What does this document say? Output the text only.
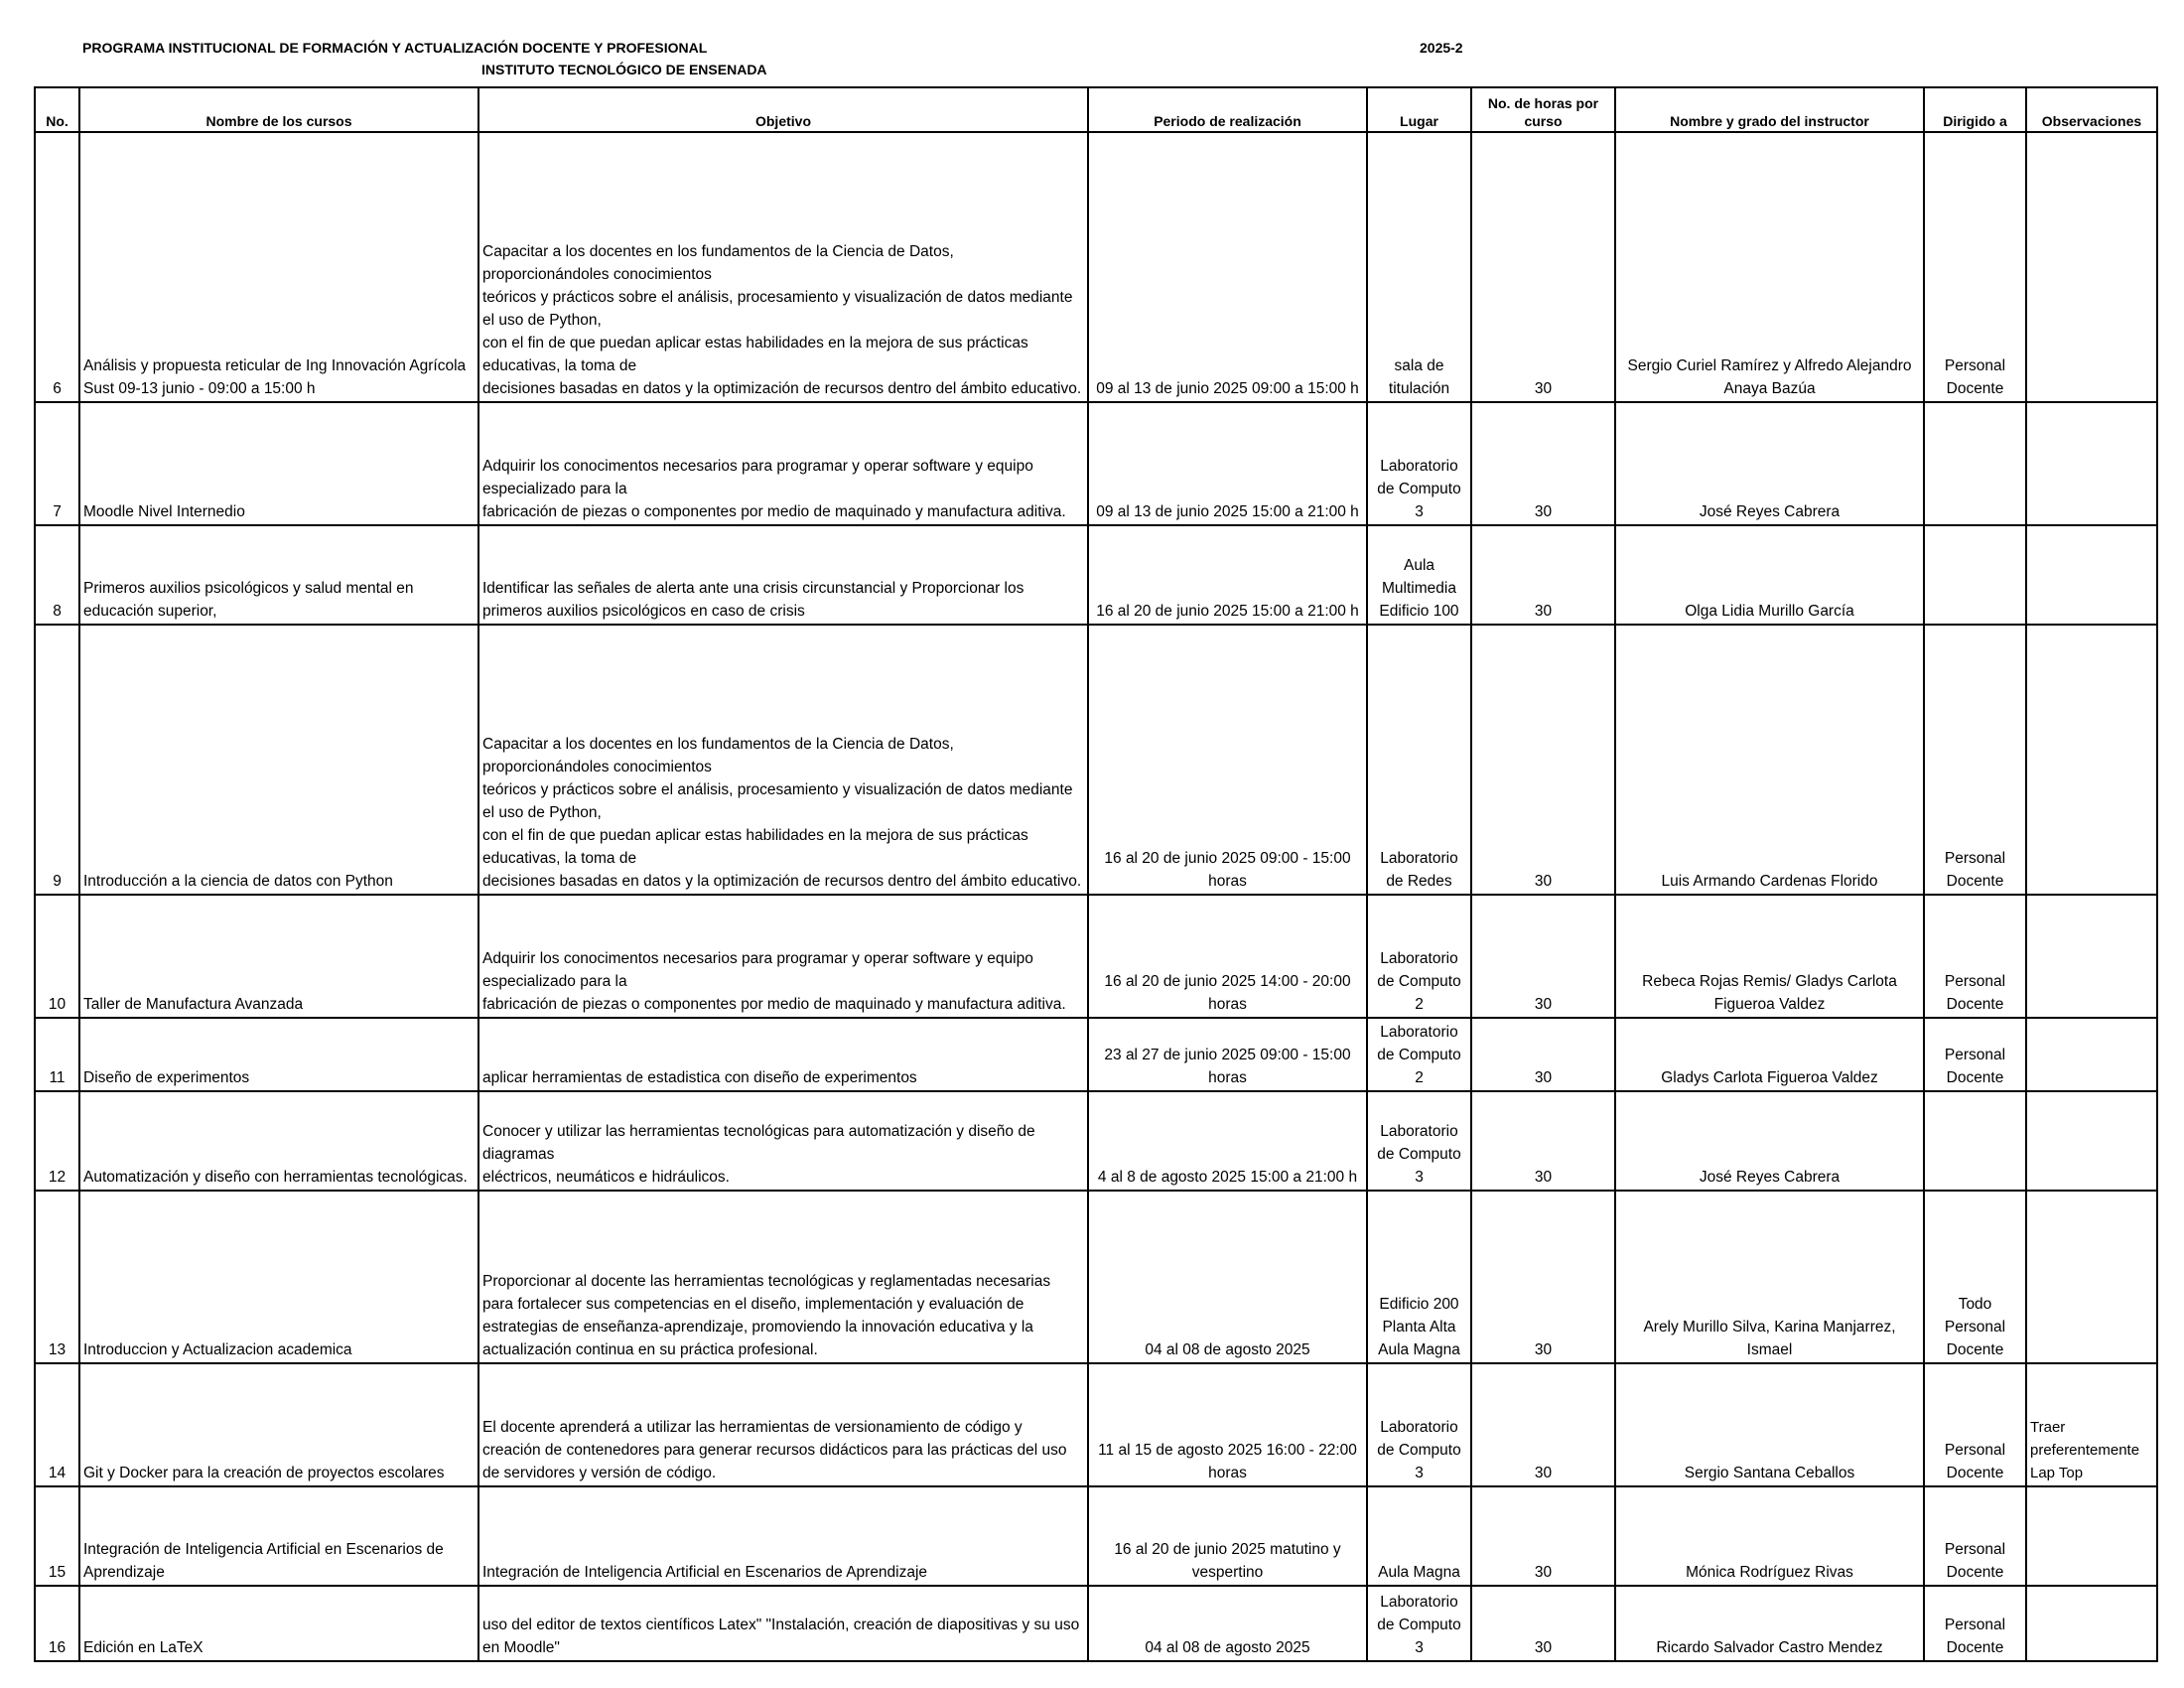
PROGRAMA INSTITUCIONAL DE FORMACIÓN Y ACTUALIZACIÓN DOCENTE Y PROFESIONAL
INSTITUTO TECNOLÓGICO DE ENSENADA
2025-2
No.	Nombre de los cursos	Objetivo	Periodo de realización	Lugar	No. de horas por curso	Nombre y grado del instructor	Dirigido a	Observaciones
6	Análisis y propuesta reticular de Ing Innovación Agrícola Sust 09-13 junio - 09:00 a 15:00 h	Capacitar a los docentes en los fundamentos de la Ciencia de Datos, proporcionándoles conocimientos
teóricos y prácticos sobre el análisis, procesamiento y visualización de datos mediante el uso de Python,
con el fin de que puedan aplicar estas habilidades en la mejora de sus prácticas educativas, la toma de
decisiones basadas en datos y la optimización de recursos dentro del ámbito educativo.	09 al 13 de junio 2025 09:00 a 15:00 h	sala de titulación	30	Sergio Curiel Ramírez y Alfredo Alejandro Anaya Bazúa	Personal Docente	
7	Moodle Nivel Internedio	Adquirir los conocimentos necesarios para programar y operar software y equipo especializado para la
fabricación de piezas o componentes por medio de maquinado y manufactura aditiva.	09 al 13 de junio 2025 15:00 a 21:00 h	Laboratorio de Computo 3	30	José Reyes Cabrera		
8	Primeros auxilios psicológicos y salud mental en educación superior,	Identificar las señales de alerta ante una crisis circunstancial y Proporcionar los primeros auxilios psicológicos en caso de crisis	16 al 20 de junio 2025 15:00 a 21:00 h	Aula Multimedia Edificio 100	30	Olga Lidia Murillo García		
9	Introducción a la ciencia de datos con Python	Capacitar a los docentes en los fundamentos de la Ciencia de Datos, proporcionándoles conocimientos
teóricos y prácticos sobre el análisis, procesamiento y visualización de datos mediante el uso de Python,
con el fin de que puedan aplicar estas habilidades en la mejora de sus prácticas educativas, la toma de
decisiones basadas en datos y la optimización de recursos dentro del ámbito educativo.	16 al 20 de junio 2025 09:00 - 15:00 horas	Laboratorio de Redes	30	Luis Armando Cardenas Florido	Personal Docente	
10	Taller de Manufactura Avanzada	Adquirir los conocimentos necesarios para programar y operar software y equipo especializado para la
fabricación de piezas o componentes por medio de maquinado y manufactura aditiva.	16 al 20 de junio 2025 14:00 - 20:00 horas	Laboratorio de Computo 2	30	Rebeca Rojas Remis/ Gladys Carlota Figueroa Valdez	Personal Docente	
11	Diseño de experimentos	aplicar herramientas de estadistica con diseño de experimentos	23 al 27 de junio 2025 09:00 - 15:00 horas	Laboratorio de Computo 2	30	Gladys Carlota Figueroa Valdez	Personal Docente	
12	Automatización y diseño con herramientas tecnológicas.	Conocer y utilizar las herramientas tecnológicas para automatización y diseño de diagramas
eléctricos, neumáticos e hidráulicos.	4 al 8 de agosto 2025 15:00 a 21:00 h	Laboratorio de Computo 3	30	José Reyes Cabrera		
13	Introduccion y Actualizacion academica	Proporcionar al docente las herramientas tecnológicas y reglamentadas necesarias para fortalecer sus competencias en el diseño, implementación y evaluación de estrategias de enseñanza-aprendizaje, promoviendo la innovación educativa y la actualización continua en su práctica profesional.	04 al 08 de agosto 2025	Edificio 200 Planta Alta Aula Magna	30	Arely Murillo Silva, Karina Manjarrez, Ismael	Todo Personal Docente	
14	Git y Docker para la creación de proyectos escolares	El docente aprenderá a utilizar las herramientas de versionamiento de código y creación de contenedores para generar recursos didácticos para las prácticas del uso de servidores y versión de código.	11 al 15 de agosto 2025 16:00 - 22:00 horas	Laboratorio de Computo 3	30	Sergio Santana Ceballos	Personal Docente	Traer preferentemente Lap Top
15	Integración de Inteligencia Artificial en Escenarios de Aprendizaje	Integración de Inteligencia Artificial en Escenarios de Aprendizaje	16 al 20 de junio 2025 matutino y vespertino	Aula Magna	30	Mónica Rodríguez Rivas	Personal Docente	
16	Edición en LaTeX	uso del editor de textos científicos Latex" "Instalación, creación de diapositivas y su uso en Moodle"	04 al 08 de agosto 2025	Laboratorio de Computo 3	30	Ricardo Salvador Castro Mendez	Personal Docente	
